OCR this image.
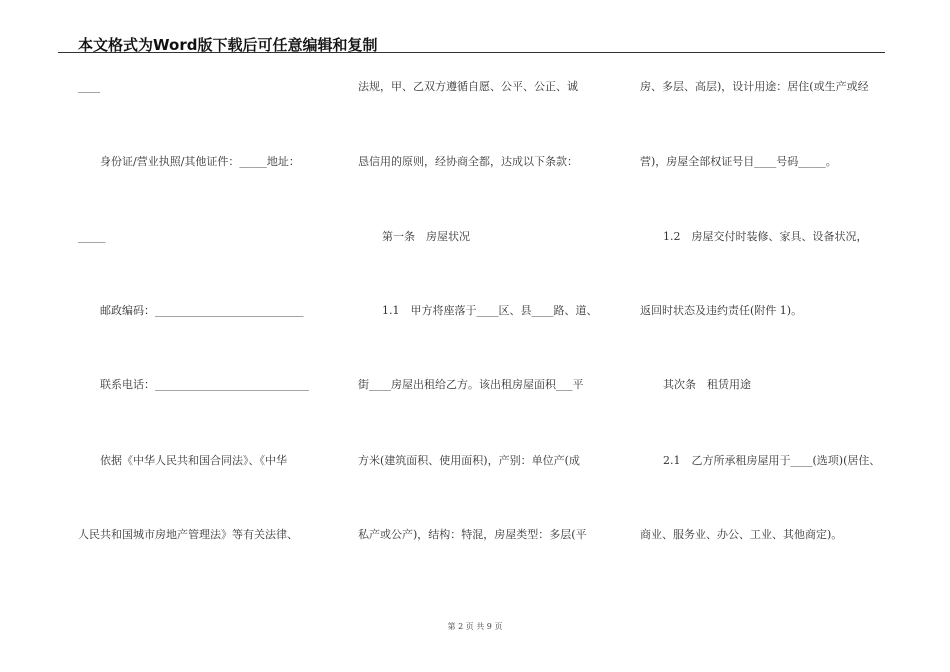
本文格式为Word版下载后可任意编辑和复制
____
身份证/营业执照/其他证件：_____地址：
_____
邮政编码：___________________________
联系电话：____________________________
依据《中华人民共和国合同法》、《中华
人民共和国城市房地产管理法》等有关法律、
法规，甲、乙双方遵循自愿、公平、公正、诚
恳信用的原则，经协商全都，达成以下条款：
第一条　房屋状况
1.1　甲方将座落于____区、县____路、道、
街____房屋出租给乙方。该出租房屋面积___平
方米(建筑面积、使用面积)，产别：单位产(成
私产或公产)，结构：特混，房屋类型：多层(平
房、多层、高层)，设计用途：居住(或生产或经
营)，房屋全部权证号目____号码_____。
1.2　房屋交付时装修、家具、设备状况，
返回时状态及违约责任(附件 1)。
其次条　租赁用途
2.1　乙方所承租房屋用于____(选项)(居住、
商业、服务业、办公、工业、其他商定)。
第 2 页 共 9 页
